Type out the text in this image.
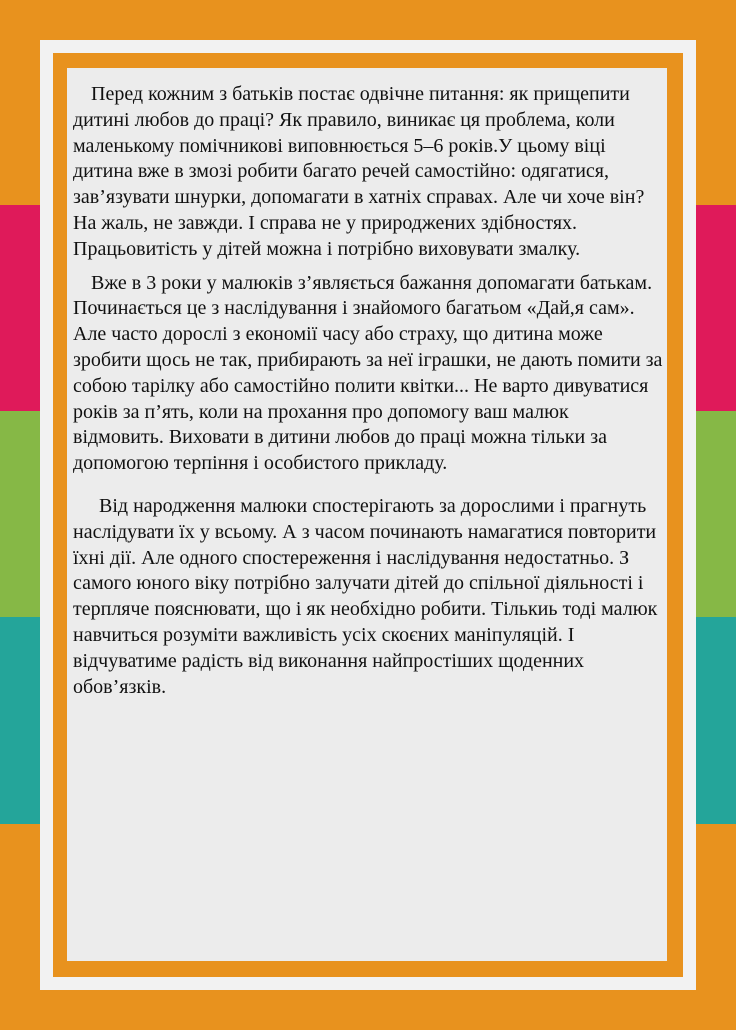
Перед кожним з батьків постає одвічне питання: як прищепити дитині любов до праці? Як правило, виникає ця проблема, коли маленькому помічникові виповнюється 5–6 років.У цьому віці дитина вже в змозі робити багато речей самостійно: одягатися, зав’язувати шнурки, допомагати в хатніх справах. Але чи хоче він? На жаль, не завжди. І справа не у природжених здібностях. Працьовитість у дітей можна і потрібно виховувати змалку.

Вже в 3 роки у малюків з’являється бажання допомагати батькам. Починається це з наслідування і знайомого багатьом «Дай,я сам». Але часто дорослі з економії часу або страху, що дитина може зробити щось не так, прибирають за неї іграшки, не дають помити за собою тарілку або самостійно полити квітки... Не варто дивуватися років за п’ять, коли на прохання про допомогу ваш малюк відмовить. Виховати в дитини любов до праці можна тільки за допомогою терпіння і особистого прикладу.

Від народження малюки спостерігають за дорослими і прагнуть наслідувати їх у всьому. А з часом починають намагатися повторити їхні дії. Але одного спостереження і наслідування недостатньо. З самого юного віку потрібно залучати дітей до спільної діяльності і терпляче пояснювати, що і як необхідно робити. Тількиь тоді малюк навчиться розуміти важливість усіх скоєних маніпуляцій. І відчуватиме радість від виконання найпростіших щоденних обов’язків.
